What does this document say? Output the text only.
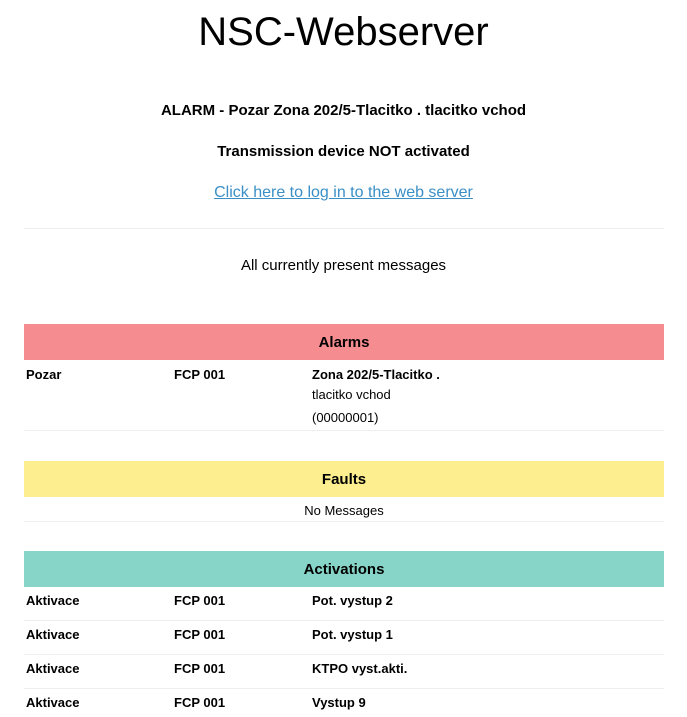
NSC-Webserver
ALARM - Pozar Zona 202/5-Tlacitko . tlacitko vchod
Transmission device NOT activated
Click here to log in to the web server
All currently present messages
Alarms
Pozar	FCP 001	Zona 202/5-Tlacitko .
tlacitko vchod
(00000001)
Faults
No Messages
Activations
Aktivace	FCP 001	Pot. vystup 2
Aktivace	FCP 001	Pot. vystup 1
Aktivace	FCP 001	KTPO vyst.akti.
Aktivace	FCP 001	Vystup 9
